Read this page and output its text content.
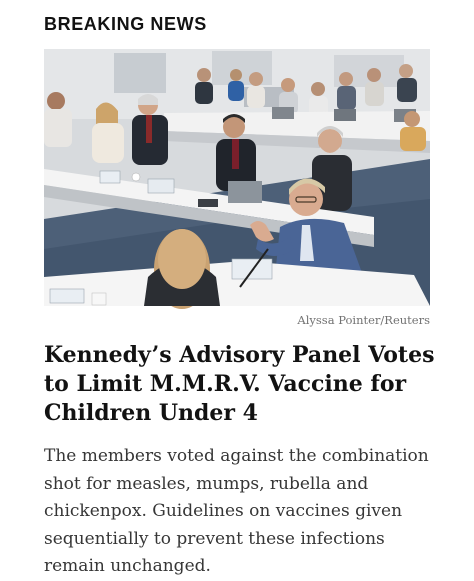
BREAKING NEWS
Alyssa Pointer/Reuters
Kennedy’s Advisory Panel Votes to Limit M.M.R.V. Vaccine for Children Under 4

The members voted against the combination shot for measles, mumps, rubella and chickenpox. Guidelines on vaccines given sequentially to prevent these infections remain unchanged.
